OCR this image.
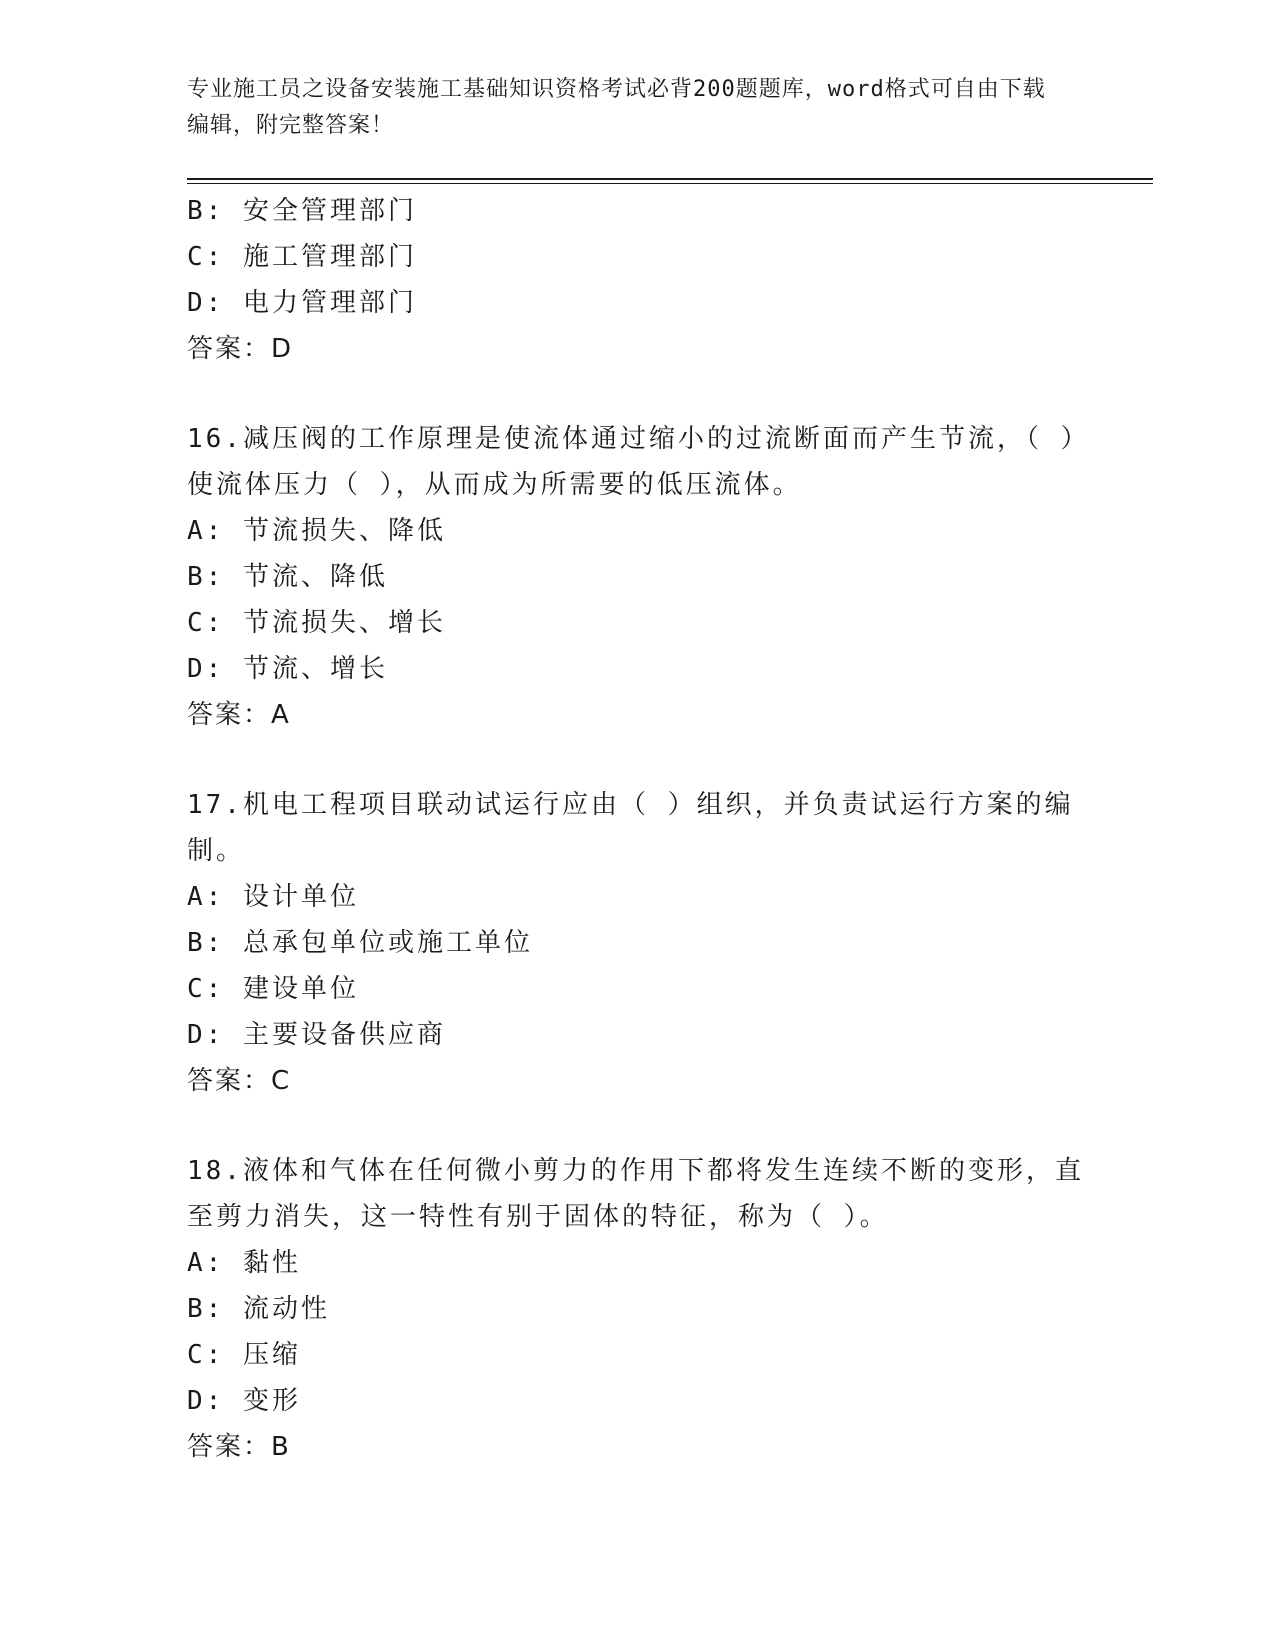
专业施工员之设备安装施工基础知识资格考试必背200题题库，word格式可自由下载编辑，附完整答案！
B: 安全管理部门
C: 施工管理部门
D: 电力管理部门
答案：D
16.减压阀的工作原理是使流体通过缩小的过流断面而产生节流，（ ）使流体压力（ ），从而成为所需要的低压流体。
A: 节流损失、降低
B: 节流、降低
C: 节流损失、增长
D: 节流、增长
答案：A
17.机电工程项目联动试运行应由（ ）组织，并负责试运行方案的编制。
A: 设计单位
B: 总承包单位或施工单位
C: 建设单位
D: 主要设备供应商
答案：C
18.液体和气体在任何微小剪力的作用下都将发生连续不断的变形，直至剪力消失，这一特性有别于固体的特征，称为（ ）。
A: 黏性
B: 流动性
C: 压缩
D: 变形
答案：B
